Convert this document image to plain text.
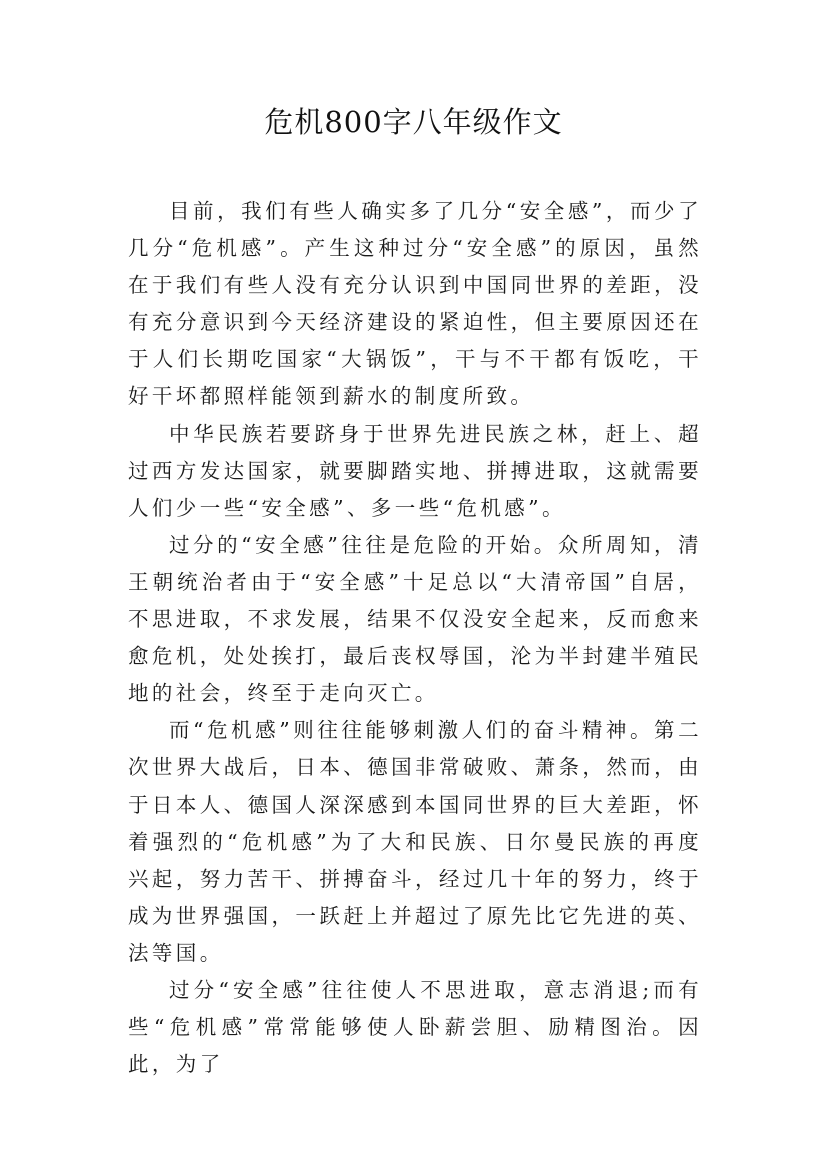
危机800字八年级作文

目前，我们有些人确实多了几分“安全感”，而少了几分“危机感”。产生这种过分“安全感”的原因，虽然在于我们有些人没有充分认识到中国同世界的差距，没有充分意识到今天经济建设的紧迫性，但主要原因还在于人们长期吃国家“大锅饭”，干与不干都有饭吃，干好干坏都照样能领到薪水的制度所致。

中华民族若要跻身于世界先进民族之林，赶上、超过西方发达国家，就要脚踏实地、拼搏进取，这就需要人们少一些“安全感”、多一些“危机感”。

过分的“安全感”往往是危险的开始。众所周知，清王朝统治者由于“安全感”十足总以“大清帝国”自居，不思进取，不求发展，结果不仅没安全起来，反而愈来愈危机，处处挨打，最后丧权辱国，沦为半封建半殖民地的社会，终至于走向灭亡。

而“危机感”则往往能够刺激人们的奋斗精神。第二次世界大战后，日本、德国非常破败、萧条，然而，由于日本人、德国人深深感到本国同世界的巨大差距，怀着强烈的“危机感”为了大和民族、日尔曼民族的再度兴起，努力苦干、拼搏奋斗，经过几十年的努力，终于成为世界强国，一跃赶上并超过了原先比它先进的英、法等国。

过分“安全感”往往使人不思进取，意志消退;而有些“危机感”常常能够使人卧薪尝胆、励精图治。因此，为了
